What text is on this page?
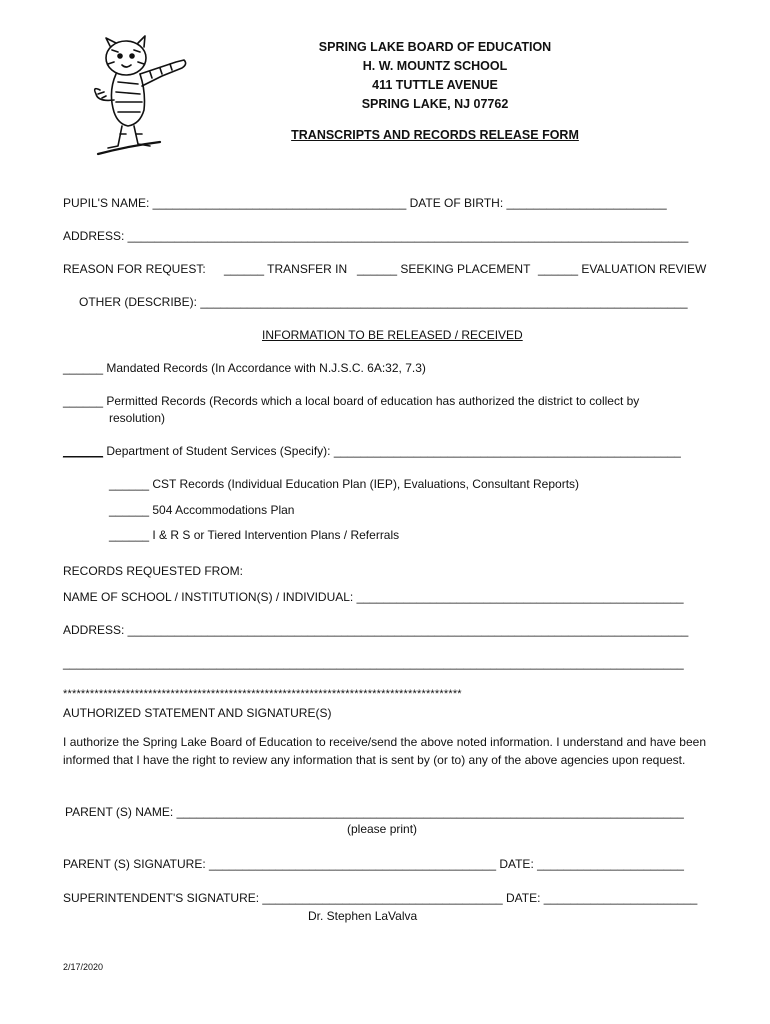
SPRING LAKE BOARD OF EDUCATION
H. W. MOUNTZ SCHOOL
411 TUTTLE AVENUE
SPRING LAKE, NJ 07762
TRANSCRIPTS AND RECORDS RELEASE FORM
PUPIL'S NAME: ______________________________________ DATE OF BIRTH: ________________________
ADDRESS: ____________________________________________________________________________________
REASON FOR REQUEST: ______ TRANSFER IN ______ SEEKING PLACEMENT ______ EVALUATION REVIEW
OTHER (DESCRIBE): _________________________________________________________________________
INFORMATION TO BE RELEASED / RECEIVED
______ Mandated Records (In Accordance with N.J.S.C. 6A:32, 7.3)
______ Permitted Records (Records which a local board of education has authorized the district to collect by
resolution)
______ Department of Student Services (Specify): ____________________________________________________
______ CST Records (Individual Education Plan (IEP), Evaluations, Consultant Reports)
______ 504 Accommodations Plan
______ I & R S or Tiered Intervention Plans / Referrals
RECORDS REQUESTED FROM:
NAME OF SCHOOL / INSTITUTION(S) / INDIVIDUAL: _________________________________________________
ADDRESS: ____________________________________________________________________________________
_____________________________________________________________________________________________
*****************************************************************************************
AUTHORIZED STATEMENT AND SIGNATURE(S)
I authorize the Spring Lake Board of Education to receive/send the above noted information. I understand and have been informed that I have the right to review any information that is sent by (or to) any of the above agencies upon request.
PARENT (S) NAME: ____________________________________________________________________________
(please print)
PARENT (S) SIGNATURE: ___________________________________________ DATE: ______________________
SUPERINTENDENT'S SIGNATURE: ____________________________________ DATE: _______________________
Dr. Stephen LaValva
2/17/2020
